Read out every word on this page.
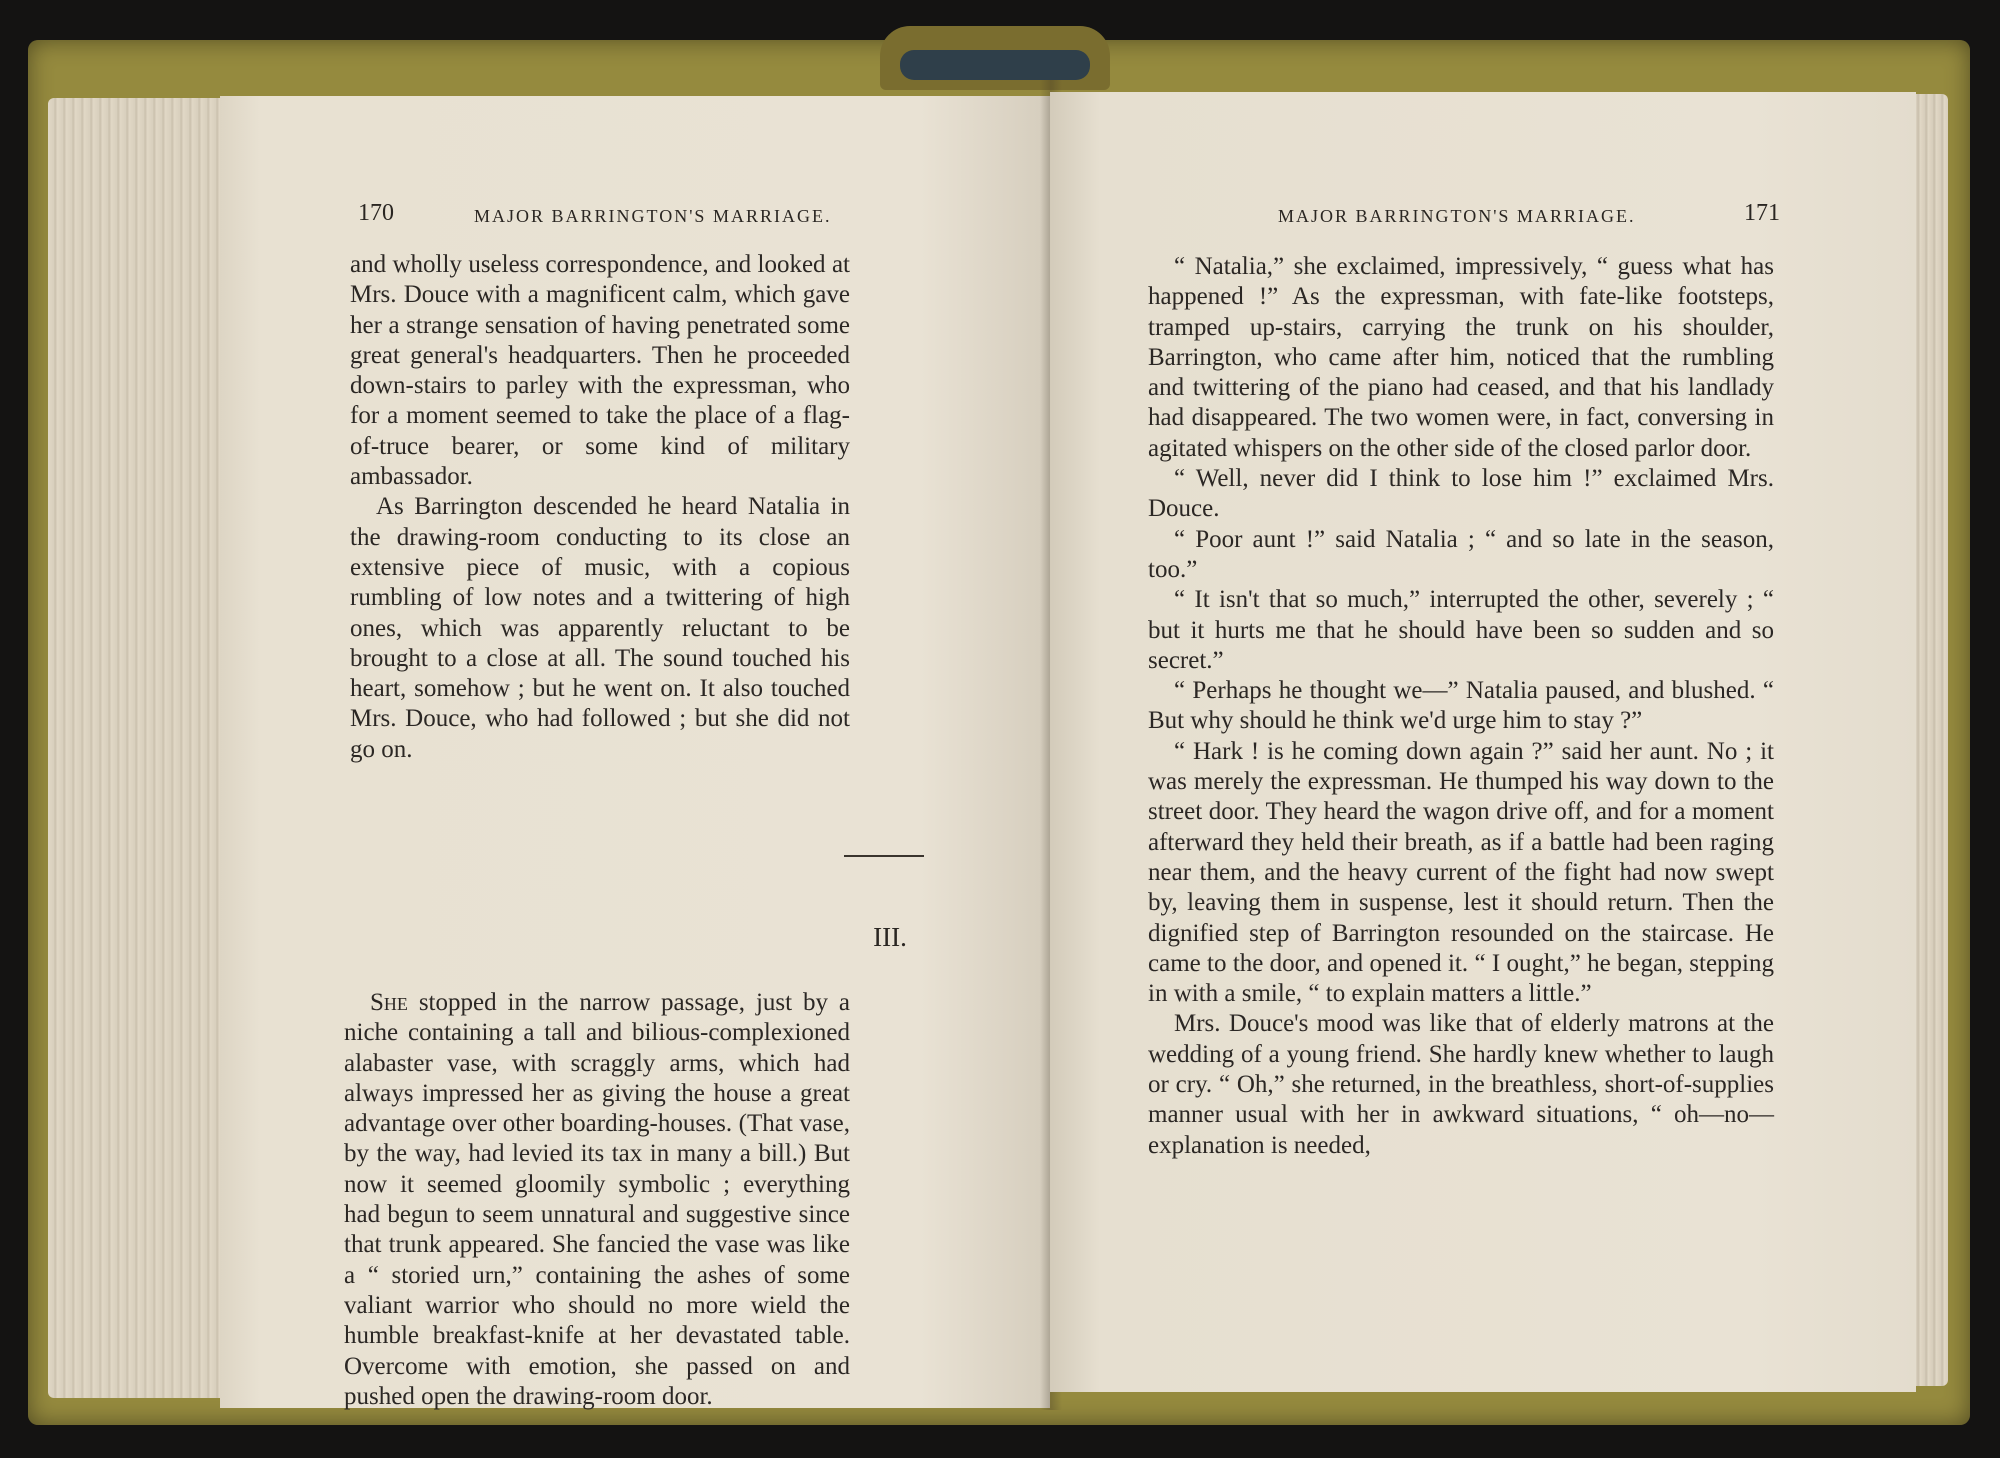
170	MAJOR BARRINGTON'S MARRIAGE.

and wholly useless correspondence, and looked at Mrs. Douce with a magnificent calm, which gave her a strange sensation of having penetrated some great general's headquarters. Then he proceeded down-stairs to parley with the expressman, who for a moment seemed to take the place of a flag-of-truce bearer, or some kind of military ambassador.

As Barrington descended he heard Natalia in the drawing-room conducting to its close an extensive piece of music, with a copious rumbling of low notes and a twittering of high ones, which was apparently reluctant to be brought to a close at all. The sound touched his heart, somehow ; but he went on. It also touched Mrs. Douce, who had followed ; but she did not go on.

III.

She stopped in the narrow passage, just by a niche containing a tall and bilious-complexioned alabaster vase, with scraggly arms, which had always impressed her as giving the house a great advantage over other boarding-houses. (That vase, by the way, had levied its tax in many a bill.) But now it seemed gloomily symbolic ; everything had begun to seem unnatural and suggestive since that trunk appeared. She fancied the vase was like a “ storied urn,” containing the ashes of some valiant warrior who should no more wield the humble breakfast-knife at her devastated table. Overcome with emotion, she passed on and pushed open the drawing-room door.

MAJOR BARRINGTON'S MARRIAGE.	171

“ Natalia,” she exclaimed, impressively, “ guess what has happened !” As the expressman, with fate-like footsteps, tramped up-stairs, carrying the trunk on his shoulder, Barrington, who came after him, noticed that the rumbling and twittering of the piano had ceased, and that his landlady had disappeared. The two women were, in fact, conversing in agitated whispers on the other side of the closed parlor door.

“ Well, never did I think to lose him !” exclaimed Mrs. Douce.

“ Poor aunt !” said Natalia ; “ and so late in the season, too.”

“ It isn't that so much,” interrupted the other, severely ; “ but it hurts me that he should have been so sudden and so secret.”

“ Perhaps he thought we—” Natalia paused, and blushed. “ But why should he think we'd urge him to stay ?”

“ Hark ! is he coming down again ?” said her aunt. No ; it was merely the expressman. He thumped his way down to the street door. They heard the wagon drive off, and for a moment afterward they held their breath, as if a battle had been raging near them, and the heavy current of the fight had now swept by, leaving them in suspense, lest it should return. Then the dignified step of Barrington resounded on the staircase. He came to the door, and opened it. “ I ought,” he began, stepping in with a smile, “ to explain matters a little.”

Mrs. Douce's mood was like that of elderly matrons at the wedding of a young friend. She hardly knew whether to laugh or cry. “ Oh,” she returned, in the breathless, short-of-supplies manner usual with her in awkward situations, “ oh—no—explanation is needed,
